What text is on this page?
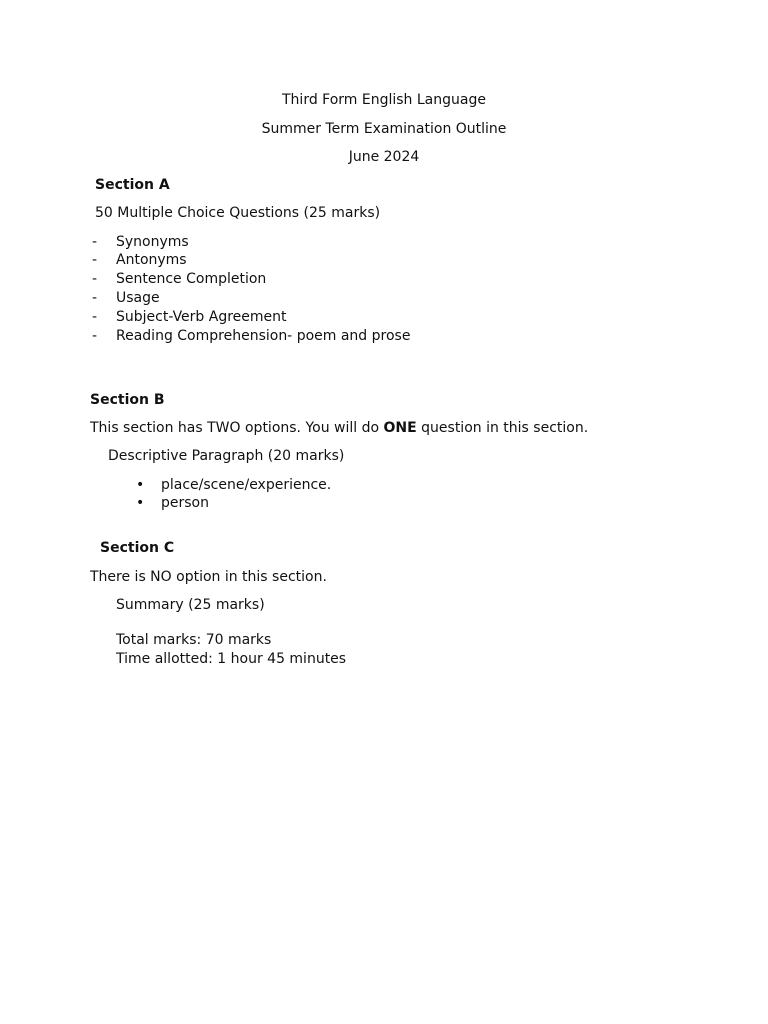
Third Form English Language
Summer Term Examination Outline
June 2024
Section A
50 Multiple Choice Questions (25 marks)
- Synonyms
- Antonyms
- Sentence Completion
- Usage
- Subject-Verb Agreement
- Reading Comprehension- poem and prose
Section B
This section has TWO options. You will do ONE question in this section.
Descriptive Paragraph (20 marks)
• place/scene/experience.
• person
Section C
There is NO option in this section.
Summary (25 marks)
Total marks: 70 marks
Time allotted: 1 hour 45 minutes
